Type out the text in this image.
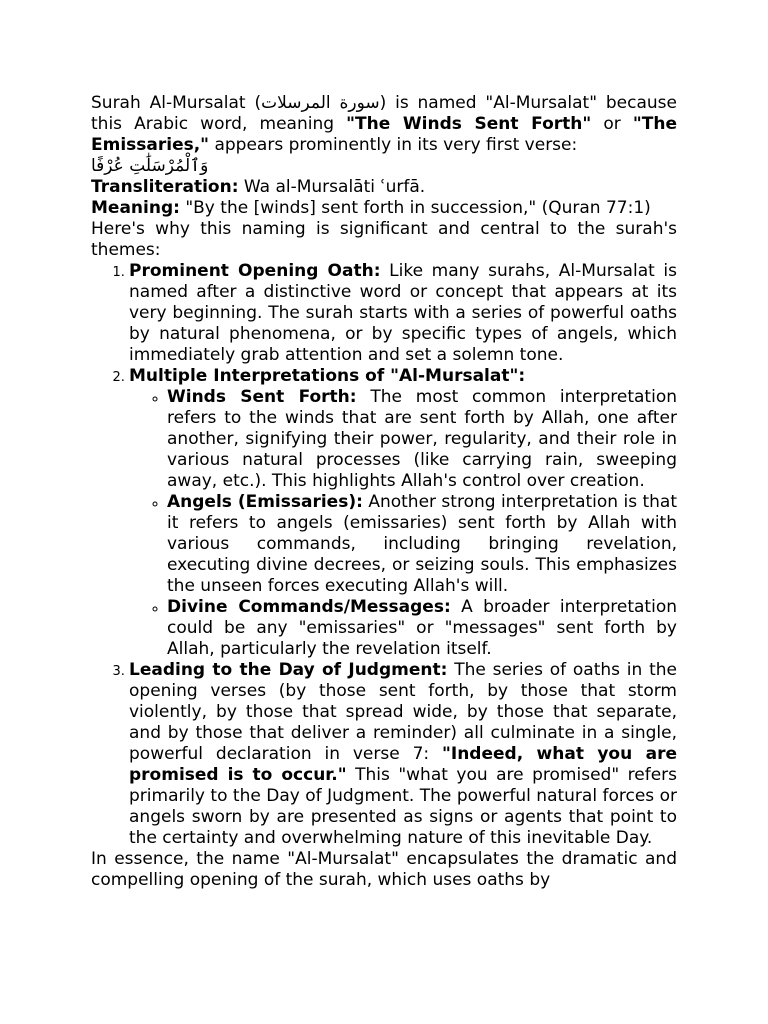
Surah Al-Mursalat (سورة المرسلات) is named "Al-Mursalat" because this Arabic word, meaning "The Winds Sent Forth" or "The Emissaries," appears prominently in its very first verse:

وَٱلْمُرْسَلَٰتِ عُرْفًا

Transliteration: Wa al-Mursalāti ʿurfā.

Meaning: "By the [winds] sent forth in succession," (Quran 77:1)

Here's why this naming is significant and central to the surah's themes:

1. Prominent Opening Oath: Like many surahs, Al-Mursalat is named after a distinctive word or concept that appears at its very beginning. The surah starts with a series of powerful oaths by natural phenomena, or by specific types of angels, which immediately grab attention and set a solemn tone.
2. Multiple Interpretations of "Al-Mursalat":
◦ Winds Sent Forth: The most common interpretation refers to the winds that are sent forth by Allah, one after another, signifying their power, regularity, and their role in various natural processes (like carrying rain, sweeping away, etc.). This highlights Allah's control over creation.
◦ Angels (Emissaries): Another strong interpretation is that it refers to angels (emissaries) sent forth by Allah with various commands, including bringing revelation, executing divine decrees, or seizing souls. This emphasizes the unseen forces executing Allah's will.
◦ Divine Commands/Messages: A broader interpretation could be any "emissaries" or "messages" sent forth by Allah, particularly the revelation itself.
3. Leading to the Day of Judgment: The series of oaths in the opening verses (by those sent forth, by those that storm violently, by those that spread wide, by those that separate, and by those that deliver a reminder) all culminate in a single, powerful declaration in verse 7: "Indeed, what you are promised is to occur." This "what you are promised" refers primarily to the Day of Judgment. The powerful natural forces or angels sworn by are presented as signs or agents that point to the certainty and overwhelming nature of this inevitable Day.

In essence, the name "Al-Mursalat" encapsulates the dramatic and compelling opening of the surah, which uses oaths by
